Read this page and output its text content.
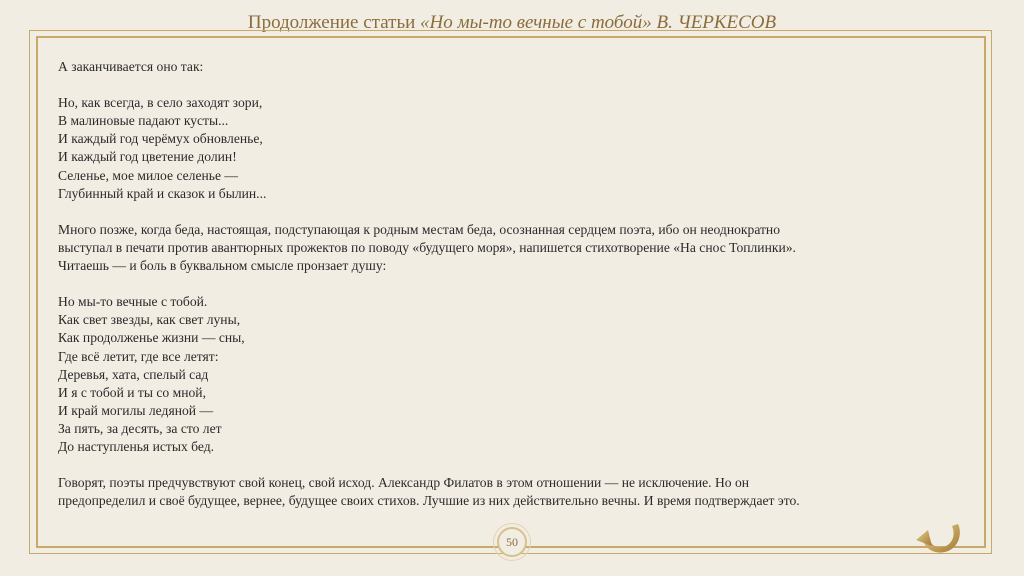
Продолжение статьи «Но мы-то вечные с тобой» В. ЧЕРКЕСОВ

А заканчивается оно так:

Но, как всегда, в село заходят зори,
В малиновые падают кусты...
И каждый год черёмух обновленье,
И каждый год цветение долин!
Селенье, мое милое селенье —
Глубинный край и сказок и былин...

Много позже, когда беда, настоящая, подступающая к родным местам беда, осознанная сердцем поэта, ибо он неоднократно
выступал в печати против авантюрных прожектов по поводу «будущего моря», напишется стихотворение «На снос Топлинки».
Читаешь — и боль в буквальном смысле пронзает душу:

Но мы-то вечные с тобой.
Как свет звезды, как свет луны,
Как продолженье жизни — сны,
Где всё летит, где все летят:
Деревья, хата, спелый сад
И я с тобой и ты со мной,
И край могилы ледяной —
За пять, за десять, за сто лет
До наступленья истых бед.

Говорят, поэты предчувствуют свой конец, свой исход. Александр Филатов в этом отношении — не исключение. Но он
предопределил и своё будущее, вернее, будущее своих стихов. Лучшие из них действительно вечны. И время подтверждает это.

50
